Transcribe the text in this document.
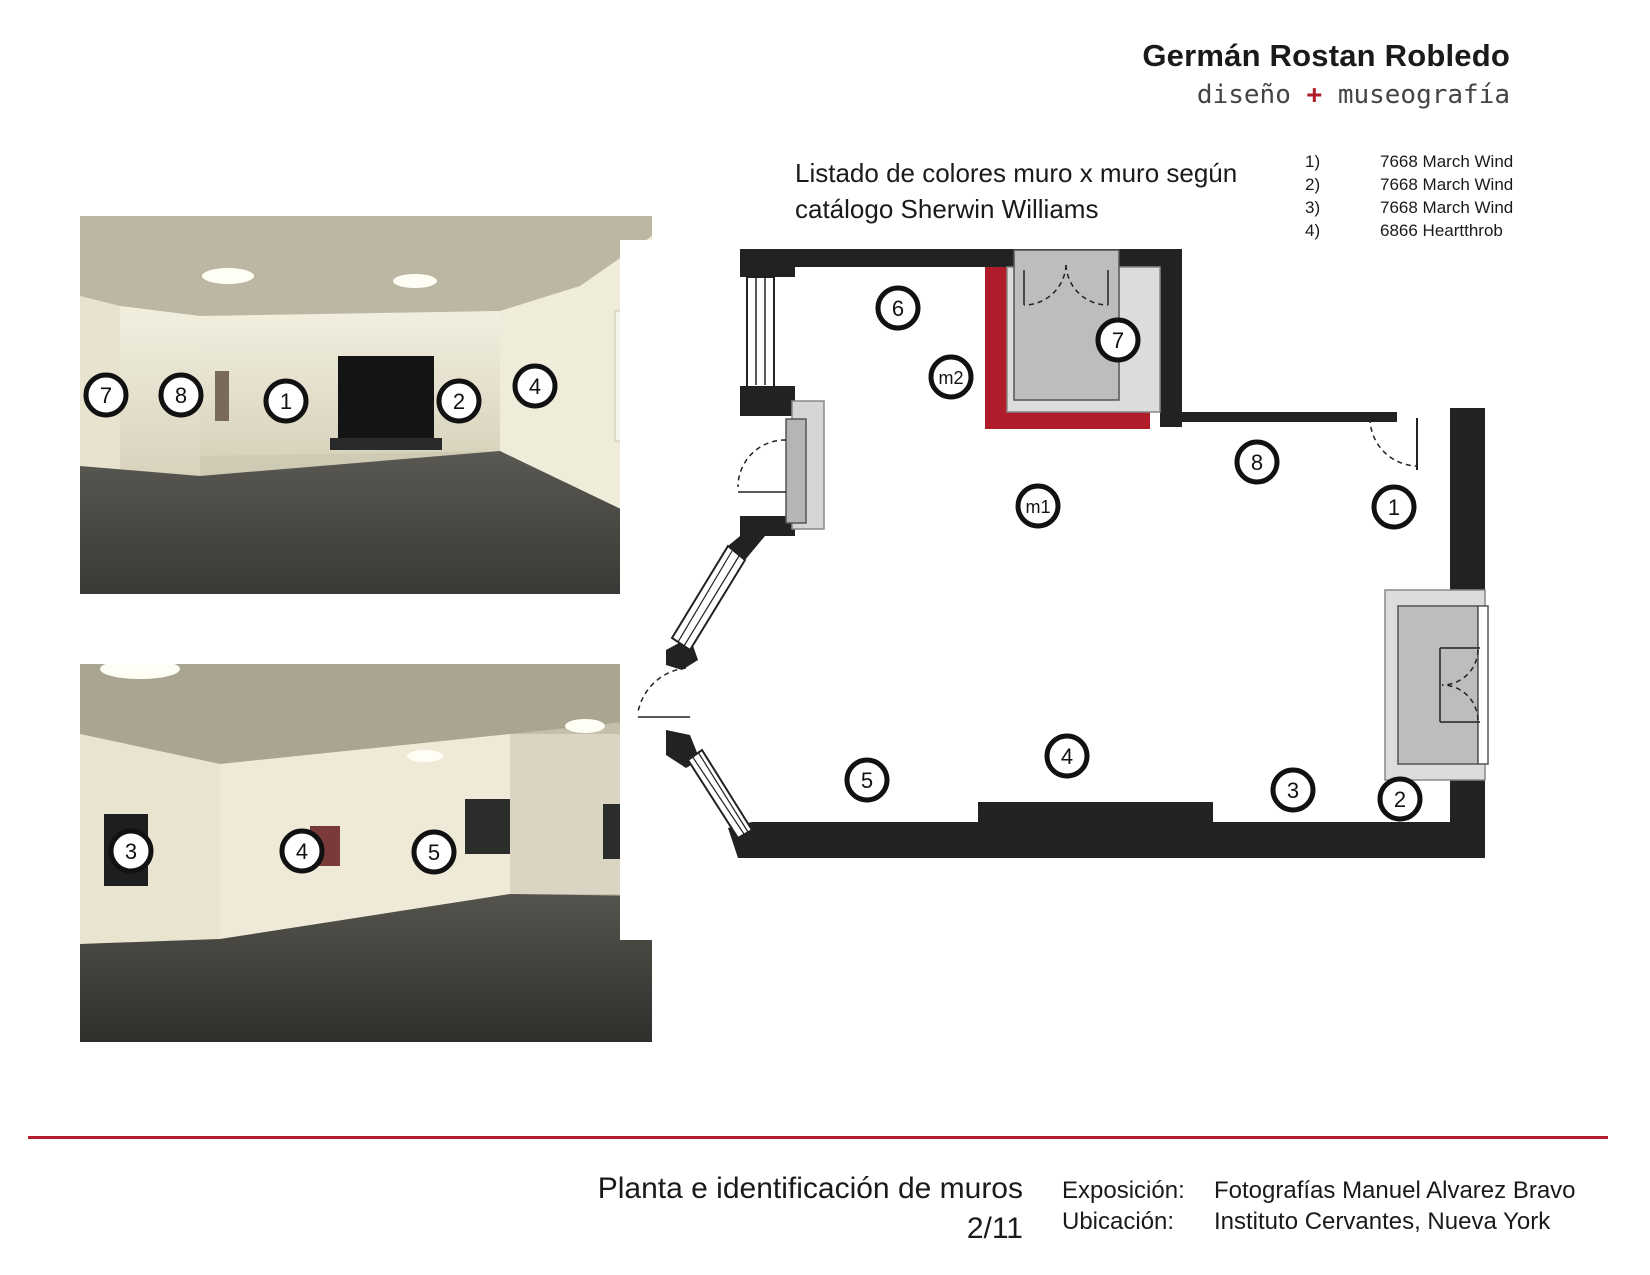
Germán Rostan Robledo
diseño + museografía
Listado de colores muro x muro según catálogo Sherwin Williams
1)	7668 March Wind
2)	7668 March Wind
3)	7668 March Wind
4)	6866 Heartthrob
5)	7668 March Wind
6)	7668 March Wind
7)	7668 March Wind
8)	7668 March Wind
m1)	6866 Heartthrob
m2)	7668 March Wind
7	8	1	2
4
3	4	5
6
m2
7
8
1
m1
5
4
3	2
Planta e identificación de muros
2/11
Exposición:	Fotografías Manuel Alvarez Bravo
Ubicación:	Instituto Cervantes, Nueva York
